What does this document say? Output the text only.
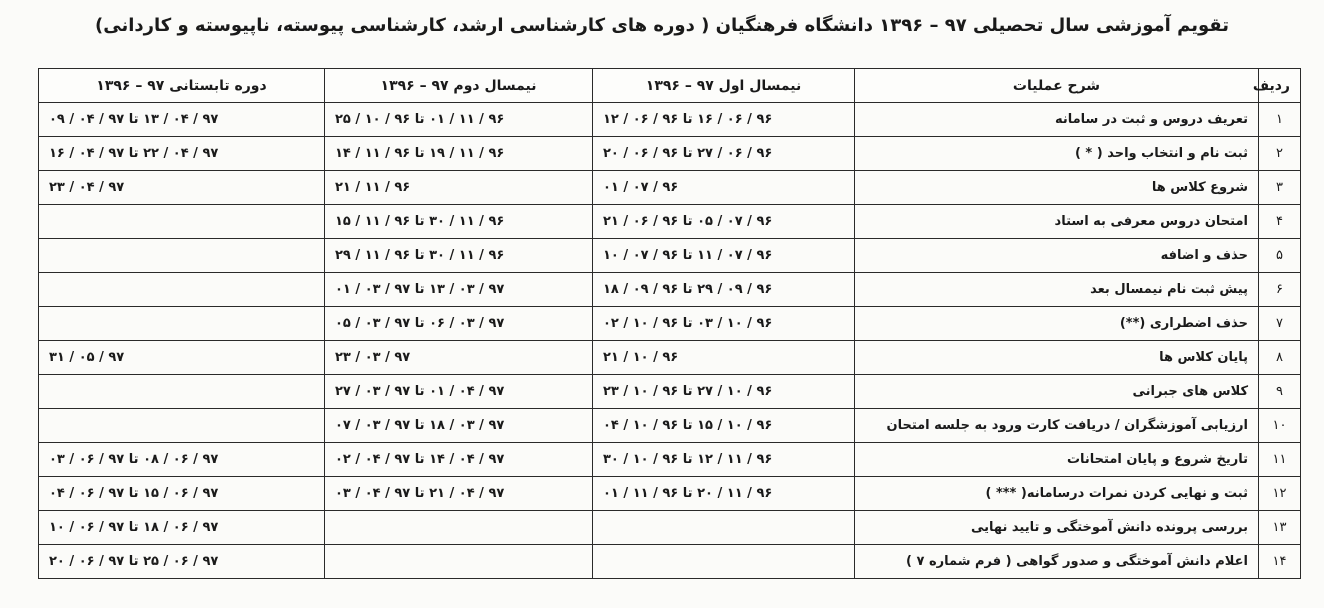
تقویم آموزشی سال تحصیلی ۹۷ – ۱۳۹۶ دانشگاه فرهنگیان ( دوره های کارشناسی ارشد، کارشناسی پیوسته، ناپیوسته و کاردانی)
ردیف	شرح عملیات	نیمسال اول ۹۷ – ۱۳۹۶	نیمسال دوم ۹۷ – ۱۳۹۶	دوره تابستانی ۹۷ – ۱۳۹۶
۱	تعریف دروس و ثبت در سامانه	۹۶ / ۰۶ / ۱۶ تا ۹۶ / ۰۶ / ۱۲	۹۶ / ۱۱ / ۰۱ تا ۹۶ / ۱۰ / ۲۵	۹۷ / ۰۴ / ۱۳ تا ۹۷ / ۰۴ / ۰۹
۲	ثبت نام و انتخاب واحد ( * )	۹۶ / ۰۶ / ۲۷ تا ۹۶ / ۰۶ / ۲۰	۹۶ / ۱۱ / ۱۹ تا ۹۶ / ۱۱ / ۱۴	۹۷ / ۰۴ / ۲۲ تا ۹۷ / ۰۴ / ۱۶
۳	شروع کلاس ها	۹۶ / ۰۷ / ۰۱	۹۶ / ۱۱ / ۲۱	۹۷ / ۰۴ / ۲۳
۴	امتحان دروس معرفی به استاد	۹۶ / ۰۷ / ۰۵ تا ۹۶ / ۰۶ / ۲۱	۹۶ / ۱۱ / ۳۰ تا ۹۶ / ۱۱ / ۱۵	
۵	حذف و اضافه	۹۶ / ۰۷ / ۱۱ تا ۹۶ / ۰۷ / ۱۰	۹۶ / ۱۱ / ۳۰ تا ۹۶ / ۱۱ / ۲۹	
۶	پیش ثبت نام نیمسال بعد	۹۶ / ۰۹ / ۲۹ تا ۹۶ / ۰۹ / ۱۸	۹۷ / ۰۳ / ۱۳ تا ۹۷ / ۰۳ / ۰۱	
۷	حذف اضطراری (**)	۹۶ / ۱۰ / ۰۳ تا ۹۶ / ۱۰ / ۰۲	۹۷ / ۰۳ / ۰۶ تا ۹۷ / ۰۳ / ۰۵	
۸	پایان کلاس ها	۹۶ / ۱۰ / ۲۱	۹۷ / ۰۳ / ۲۳	۹۷ / ۰۵ / ۳۱
۹	کلاس های جبرانی	۹۶ / ۱۰ / ۲۷ تا ۹۶ / ۱۰ / ۲۳	۹۷ / ۰۴ / ۰۱ تا ۹۷ / ۰۳ / ۲۷	
۱۰	ارزیابی آموزشگران / دریافت کارت ورود به جلسه امتحان	۹۶ / ۱۰ / ۱۵ تا ۹۶ / ۱۰ / ۰۴	۹۷ / ۰۳ / ۱۸ تا ۹۷ / ۰۳ / ۰۷	
۱۱	تاریخ شروع و پایان امتحانات	۹۶ / ۱۱ / ۱۲ تا ۹۶ / ۱۰ / ۳۰	۹۷ / ۰۴ / ۱۴ تا ۹۷ / ۰۴ / ۰۲	۹۷ / ۰۶ / ۰۸ تا ۹۷ / ۰۶ / ۰۳
۱۲	ثبت و نهایی کردن نمرات درسامانه( *** )	۹۶ / ۱۱ / ۲۰ تا ۹۶ / ۱۱ / ۰۱	۹۷ / ۰۴ / ۲۱ تا ۹۷ / ۰۴ / ۰۳	۹۷ / ۰۶ / ۱۵ تا ۹۷ / ۰۶ / ۰۴
۱۳	بررسی پرونده دانش آموختگی و تایید نهایی			۹۷ / ۰۶ / ۱۸ تا ۹۷ / ۰۶ / ۱۰
۱۴	اعلام دانش آموختگی و صدور گواهی ( فرم شماره ۷ )			۹۷ / ۰۶ / ۲۵ تا ۹۷ / ۰۶ / ۲۰
